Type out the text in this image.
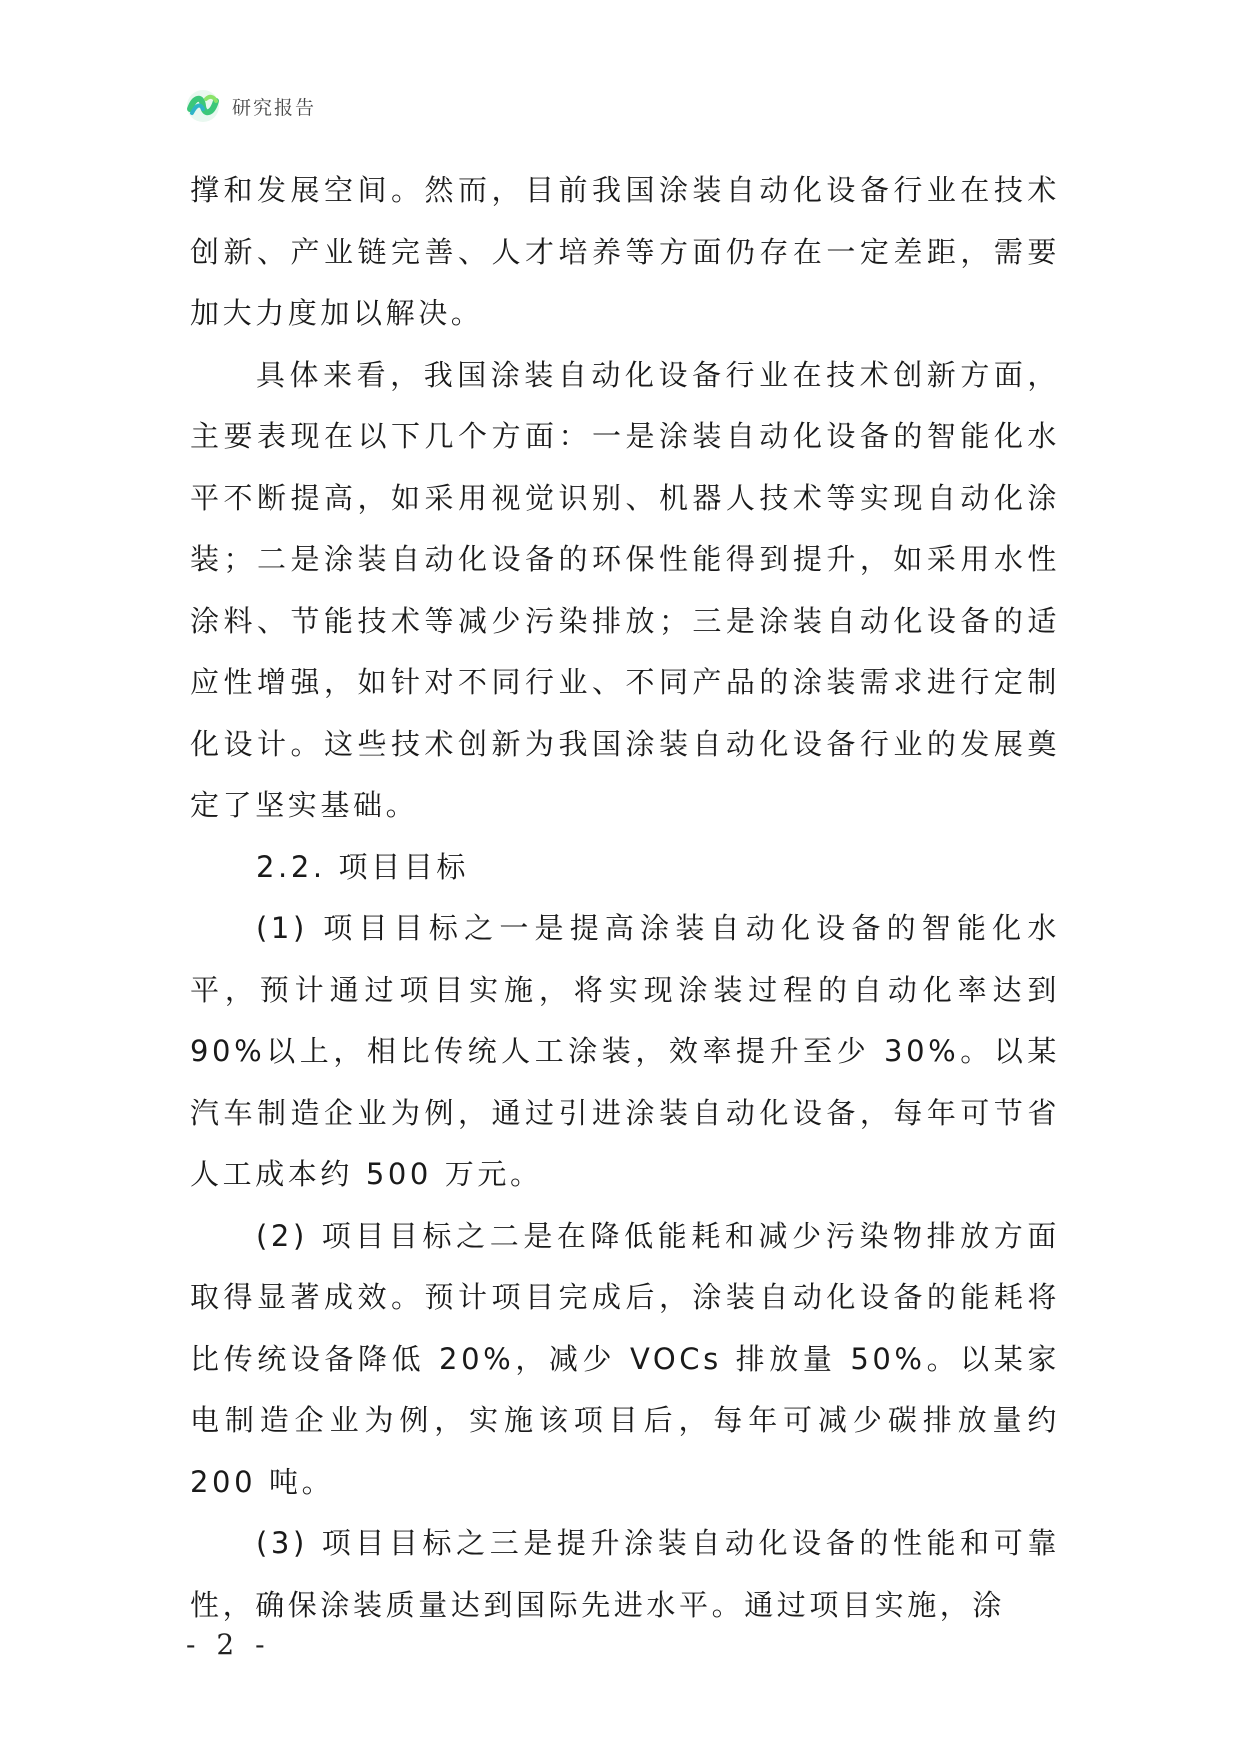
研究报告

撑和发展空间。然而，目前我国涂装自动化设备行业在技术创新、产业链完善、人才培养等方面仍存在一定差距，需要加大力度加以解决。

具体来看，我国涂装自动化设备行业在技术创新方面，主要表现在以下几个方面：一是涂装自动化设备的智能化水平不断提高，如采用视觉识别、机器人技术等实现自动化涂装；二是涂装自动化设备的环保性能得到提升，如采用水性涂料、节能技术等减少污染排放；三是涂装自动化设备的适应性增强，如针对不同行业、不同产品的涂装需求进行定制化设计。这些技术创新为我国涂装自动化设备行业的发展奠定了坚实基础。

2.2. 项目目标

(1) 项目目标之一是提高涂装自动化设备的智能化水平，预计通过项目实施，将实现涂装过程的自动化率达到 90%以上，相比传统人工涂装，效率提升至少 30%。以某汽车制造企业为例，通过引进涂装自动化设备，每年可节省人工成本约 500 万元。

(2) 项目目标之二是在降低能耗和减少污染物排放方面取得显著成效。预计项目完成后，涂装自动化设备的能耗将比传统设备降低 20%，减少 VOCs 排放量 50%。以某家电制造企业为例，实施该项目后，每年可减少碳排放量约 200 吨。

(3) 项目目标之三是提升涂装自动化设备的性能和可靠性，确保涂装质量达到国际先进水平。通过项目实施，涂

- 2 -
